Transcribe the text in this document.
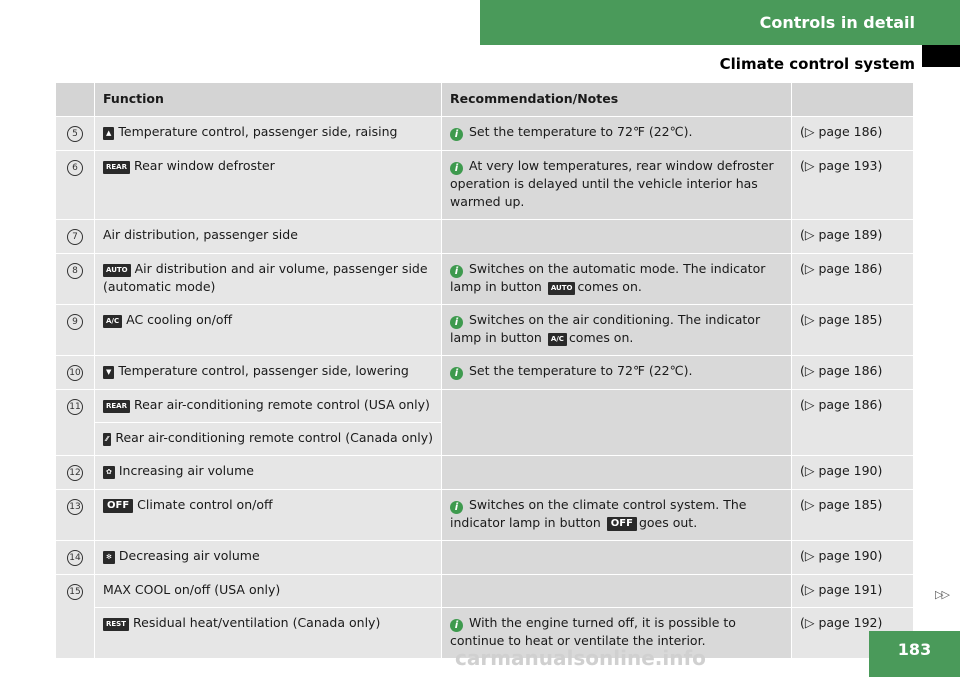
Controls in detail
Climate control system
	Function	Recommendation/Notes	
5	▲ Temperature control, passenger side, raising	i Set the temperature to 72℉ (22℃).	(▷ page 186)
6	REAR Rear window defroster	i At very low temperatures, rear window defroster operation is delayed until the vehicle interior has warmed up.	(▷ page 193)
7	Air distribution, passenger side		(▷ page 189)
8	AUTO Air distribution and air volume, passenger side (automatic mode)	i Switches on the automatic mode. The indicator lamp in button AUTO comes on.	(▷ page 186)
9	A/C AC cooling on/off	i Switches on the air conditioning. The indicator lamp in button A/C comes on.	(▷ page 185)
10	▼ Temperature control, passenger side, lowering	i Set the temperature to 72℉ (22℃).	(▷ page 186)
11	REAR Rear air-conditioning remote control (USA only)		(▷ page 186)
	⁄⁄ Rear air-conditioning remote control (Canada only)		
12	✿ Increasing air volume		(▷ page 190)
13	OFF Climate control on/off	i Switches on the climate control system. The indicator lamp in button OFF goes out.	(▷ page 185)
14	✻ Decreasing air volume		(▷ page 190)
15	MAX COOL on/off (USA only)		(▷ page 191)
	REST Residual heat/ventilation (Canada only)	i With the engine turned off, it is possible to continue to heat or ventilate the interior.	(▷ page 192)
▷▷
183
carmanualsonline.info
